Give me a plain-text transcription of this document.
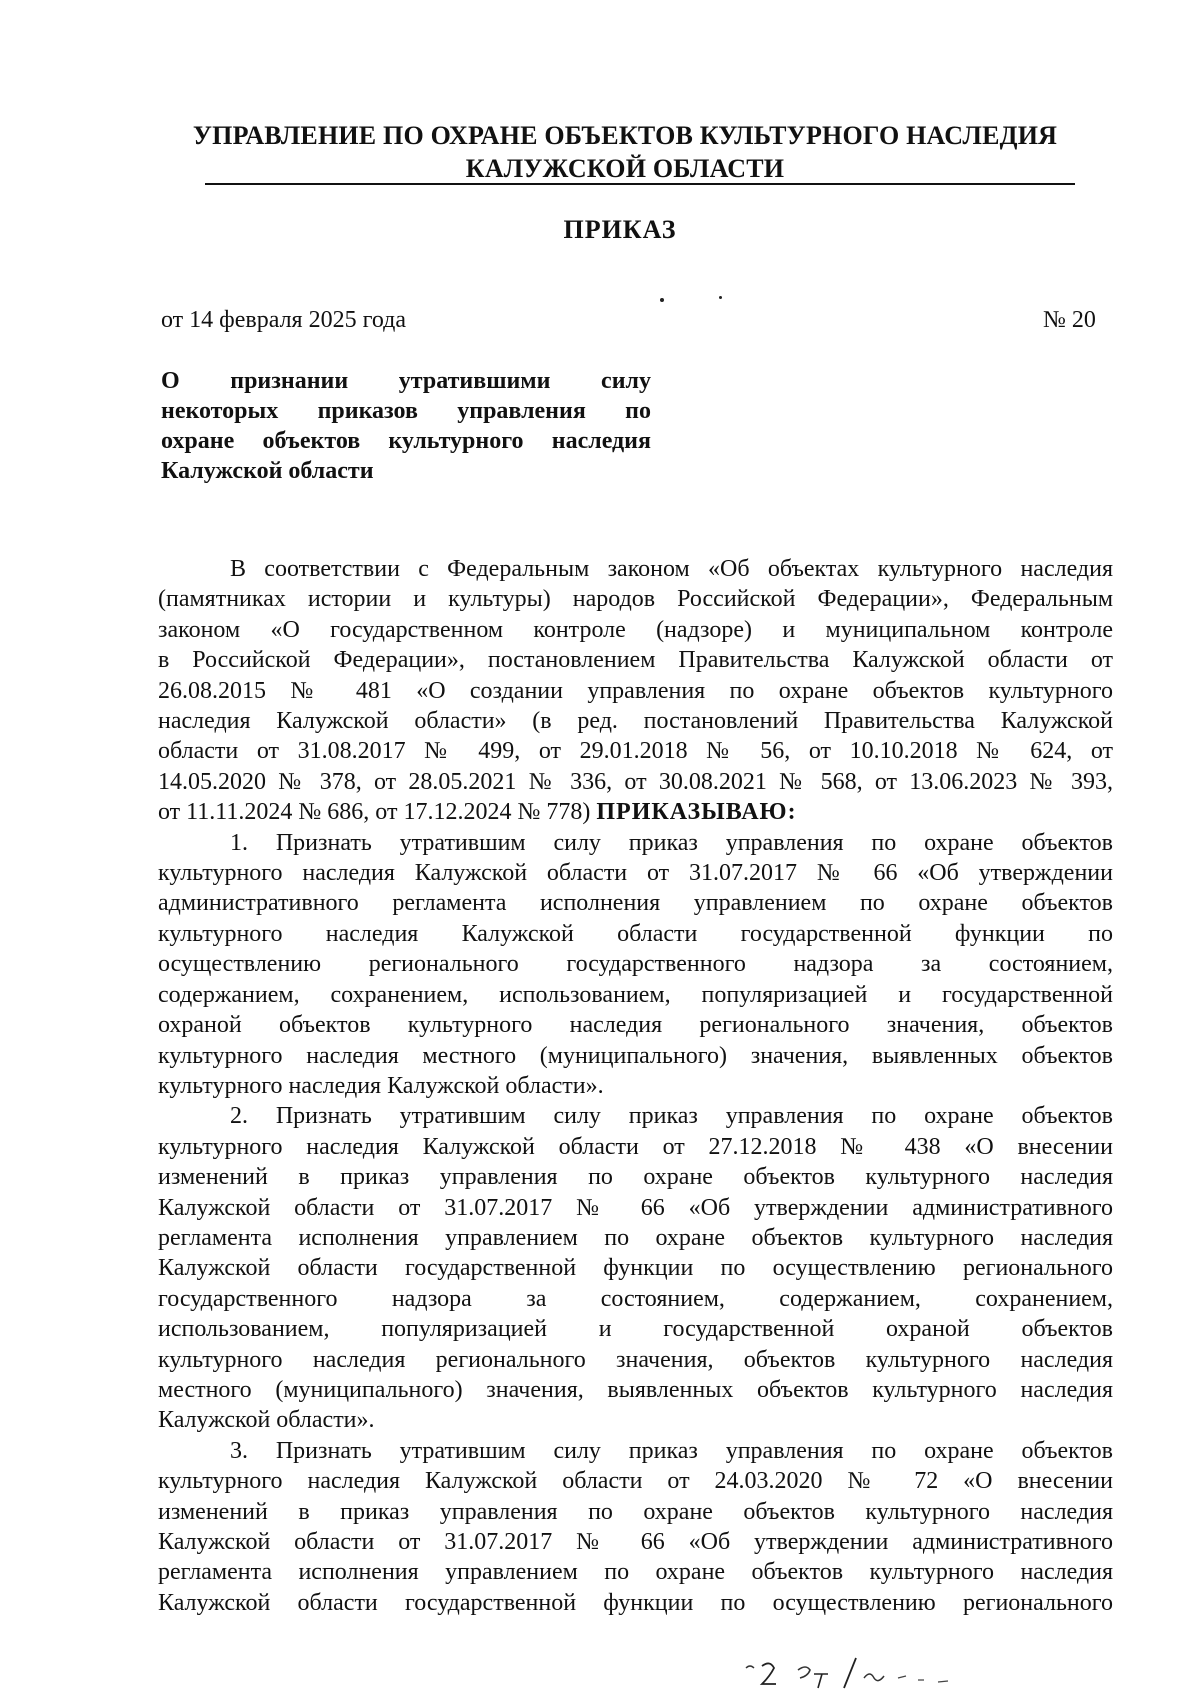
УПРАВЛЕНИЕ ПО ОХРАНЕ ОБЪЕКТОВ КУЛЬТУРНОГО НАСЛЕДИЯ
КАЛУЖСКОЙ ОБЛАСТИ
ПРИКАЗ
от 14 февраля 2025 года	№ 20
О признании утратившими силу
некоторых приказов управления по
охране объектов культурного наследия
Калужской области

В соответствии с Федеральным законом «Об объектах культурного наследия
(памятниках истории и культуры) народов Российской Федерации», Федеральным
законом «О государственном контроле (надзоре) и муниципальном контроле
в Российской Федерации», постановлением Правительства Калужской области от
26.08.2015 № 481 «О создании управления по охране объектов культурного
наследия Калужской области» (в ред. постановлений Правительства Калужской
области от 31.08.2017 № 499, от 29.01.2018 № 56, от 10.10.2018 № 624, от
14.05.2020 № 378, от 28.05.2021 № 336, от 30.08.2021 № 568, от 13.06.2023 № 393,
от 11.11.2024 № 686, от 17.12.2024 № 778) ПРИКАЗЫВАЮ:

1. Признать утратившим силу приказ управления по охране объектов
культурного наследия Калужской области от 31.07.2017 № 66 «Об утверждении
административного регламента исполнения управлением по охране объектов
культурного наследия Калужской области государственной функции по
осуществлению регионального государственного надзора за состоянием,
содержанием, сохранением, использованием, популяризацией и государственной
охраной объектов культурного наследия регионального значения, объектов
культурного наследия местного (муниципального) значения, выявленных объектов
культурного наследия Калужской области».

2. Признать утратившим силу приказ управления по охране объектов
культурного наследия Калужской области от 27.12.2018 № 438 «О внесении
изменений в приказ управления по охране объектов культурного наследия
Калужской области от 31.07.2017 № 66 «Об утверждении административного
регламента исполнения управлением по охране объектов культурного наследия
Калужской области государственной функции по осуществлению регионального
государственного надзора за состоянием, содержанием, сохранением,
использованием, популяризацией и государственной охраной объектов
культурного наследия регионального значения, объектов культурного наследия
местного (муниципального) значения, выявленных объектов культурного наследия
Калужской области».

3. Признать утратившим силу приказ управления по охране объектов
культурного наследия Калужской области от 24.03.2020 № 72 «О внесении
изменений в приказ управления по охране объектов культурного наследия
Калужской области от 31.07.2017 № 66 «Об утверждении административного
регламента исполнения управлением по охране объектов культурного наследия
Калужской области государственной функции по осуществлению регионального
